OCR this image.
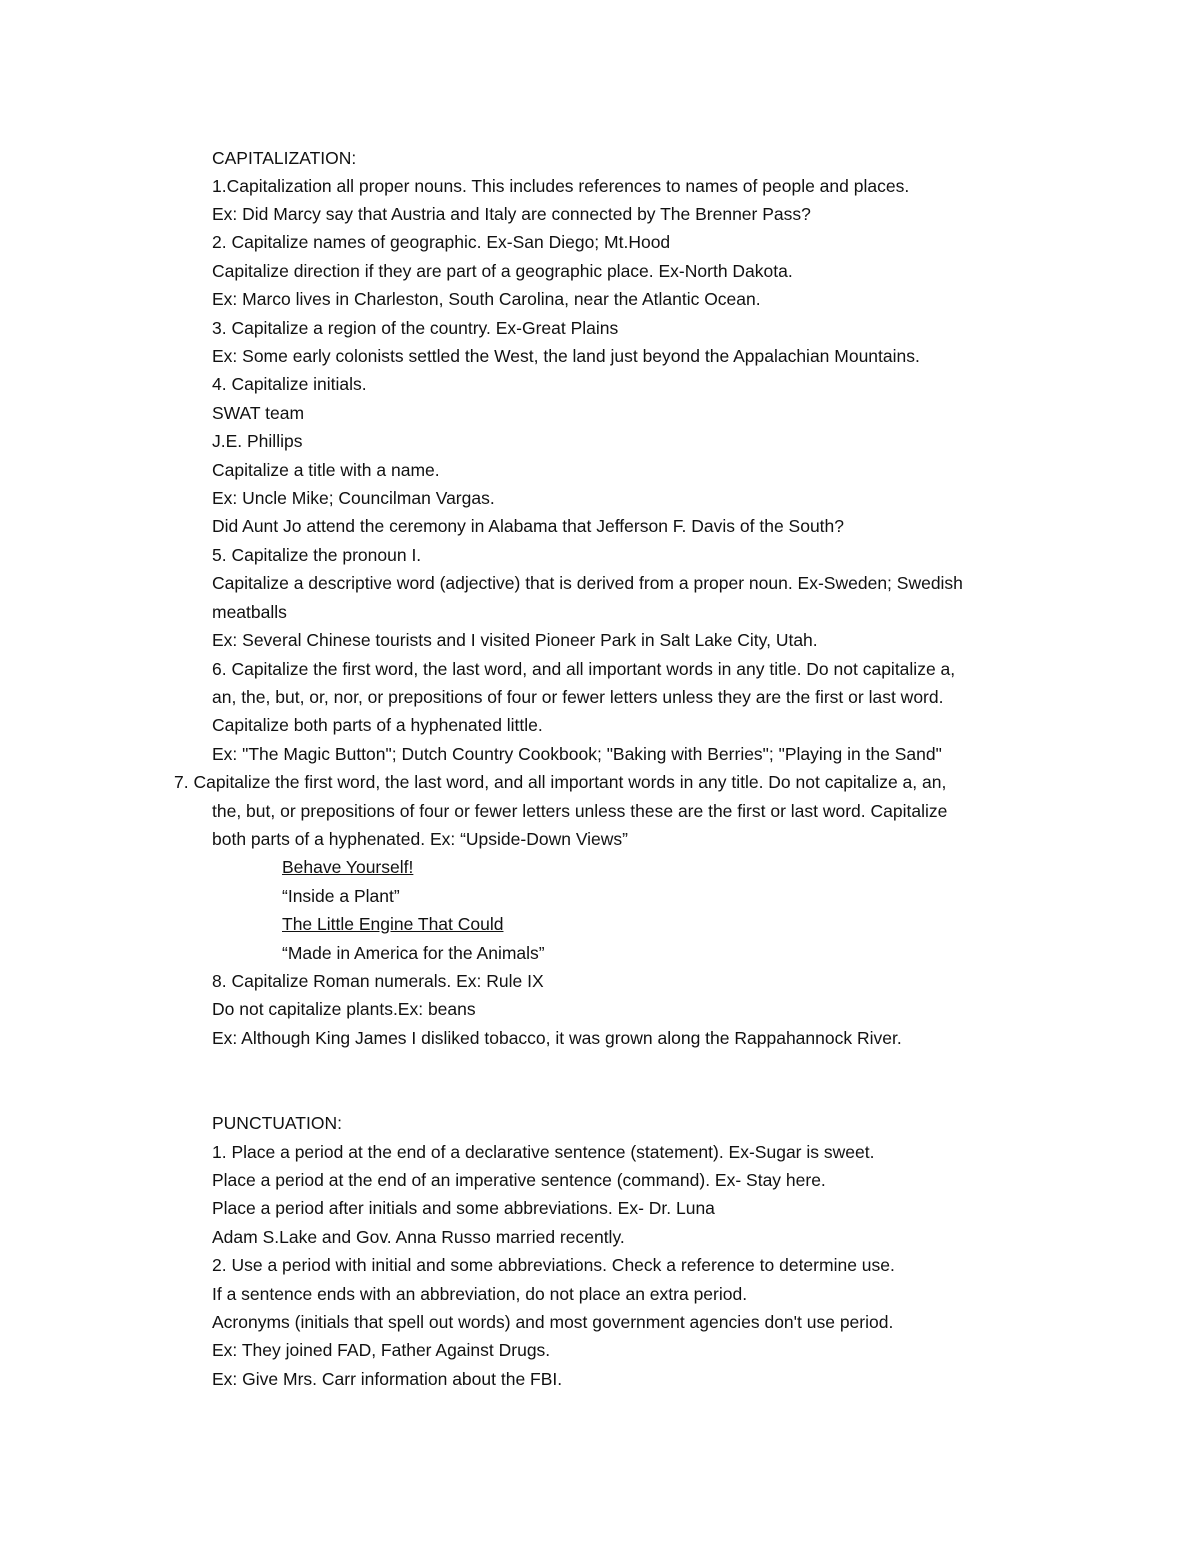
CAPITALIZATION:
1.Capitalization all proper nouns. This includes references to names of people and places.
Ex: Did Marcy say that Austria and Italy are connected by The Brenner Pass?
2. Capitalize names of geographic. Ex-San Diego; Mt.Hood
Capitalize direction if they are part of a geographic place. Ex-North Dakota.
Ex: Marco lives in Charleston, South Carolina, near the Atlantic Ocean.
3. Capitalize a region of the country. Ex-Great Plains
Ex: Some early colonists settled the West, the land just beyond the Appalachian Mountains.
4. Capitalize initials.
SWAT team
J.E. Phillips
Capitalize a title with a name.
Ex: Uncle Mike; Councilman Vargas.
Did Aunt Jo attend the ceremony in Alabama that Jefferson F. Davis of the South?
5. Capitalize the pronoun I.
Capitalize a descriptive word (adjective) that is derived from a proper noun. Ex-Sweden; Swedish
meatballs
Ex: Several Chinese tourists and I visited Pioneer Park in Salt Lake City, Utah.
6. Capitalize the first word, the last word, and all important words in any title. Do not capitalize a,
an, the, but, or, nor, or prepositions of four or fewer letters unless they are the first or last word.
Capitalize both parts of a hyphenated little.
Ex: "The Magic Button"; Dutch Country Cookbook; "Baking with Berries"; "Playing in the Sand"
7. Capitalize the first word, the last word, and all important words in any title. Do not capitalize a, an,
the, but, or prepositions of four or fewer letters unless these are the first or last word. Capitalize
both parts of a hyphenated. Ex: “Upside-Down Views”
Behave Yourself!
“Inside a Plant”
The Little Engine That Could
“Made in America for the Animals”
8. Capitalize Roman numerals. Ex: Rule IX
Do not capitalize plants.Ex: beans
Ex: Although King James I disliked tobacco, it was grown along the Rappahannock River.
PUNCTUATION:
1. Place a period at the end of a declarative sentence (statement). Ex-Sugar is sweet.
Place a period at the end of an imperative sentence (command). Ex- Stay here.
Place a period after initials and some abbreviations. Ex- Dr. Luna
Adam S.Lake and Gov. Anna Russo married recently.
2. Use a period with initial and some abbreviations. Check a reference to determine use.
If a sentence ends with an abbreviation, do not place an extra period.
Acronyms (initials that spell out words) and most government agencies don't use period.
Ex: They joined FAD, Father Against Drugs.
Ex: Give Mrs. Carr information about the FBI.
